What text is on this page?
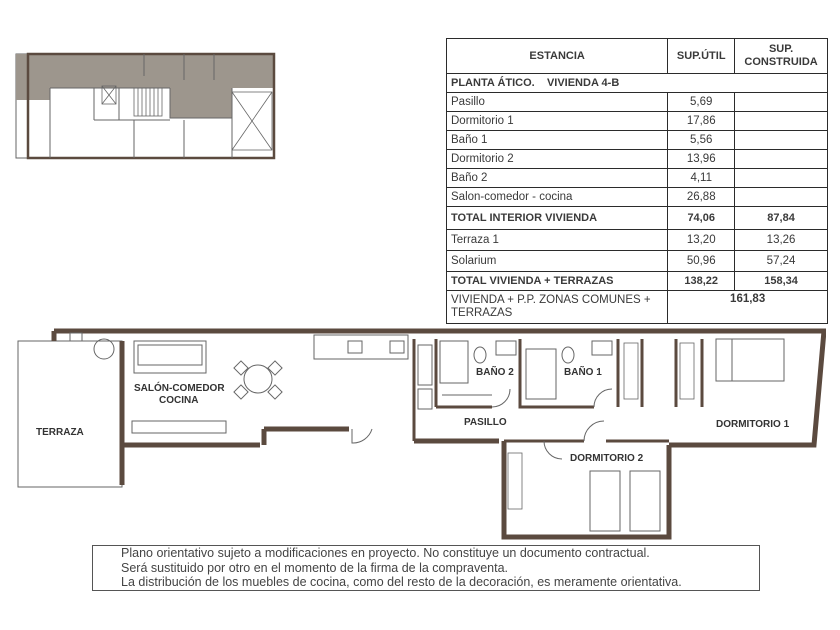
ESTANCIA	SUP.ÚTIL	SUP. CONSTRUIDA
PLANTA ÁTICO.    VIVIENDA 4-B		
Pasillo	5,69	
Dormitorio 1	17,86	
Baño 1	5,56	
Dormitorio 2	13,96	
Baño 2	4,11	
Salon-comedor - cocina	26,88	
TOTAL INTERIOR VIVIENDA	74,06	87,84
Terraza 1	13,20	13,26
Solarium	50,96	57,24
TOTAL VIVIENDA + TERRAZAS	138,22	158,34
VIVIENDA + P.P. ZONAS COMUNES + TERRAZAS	161,83	
TERRAZA
SALÓN-COMEDOR
COCINA
BAÑO 2	BAÑO 1
PASILLO	DORMITORIO 1
DORMITORIO 2
Plano orientativo sujeto a modificaciones en proyecto. No constituye un documento contractual.
Será sustituido por otro en el momento de la firma de la compraventa.
La distribución de los muebles de cocina, como del resto de la decoración, es meramente orientativa.
